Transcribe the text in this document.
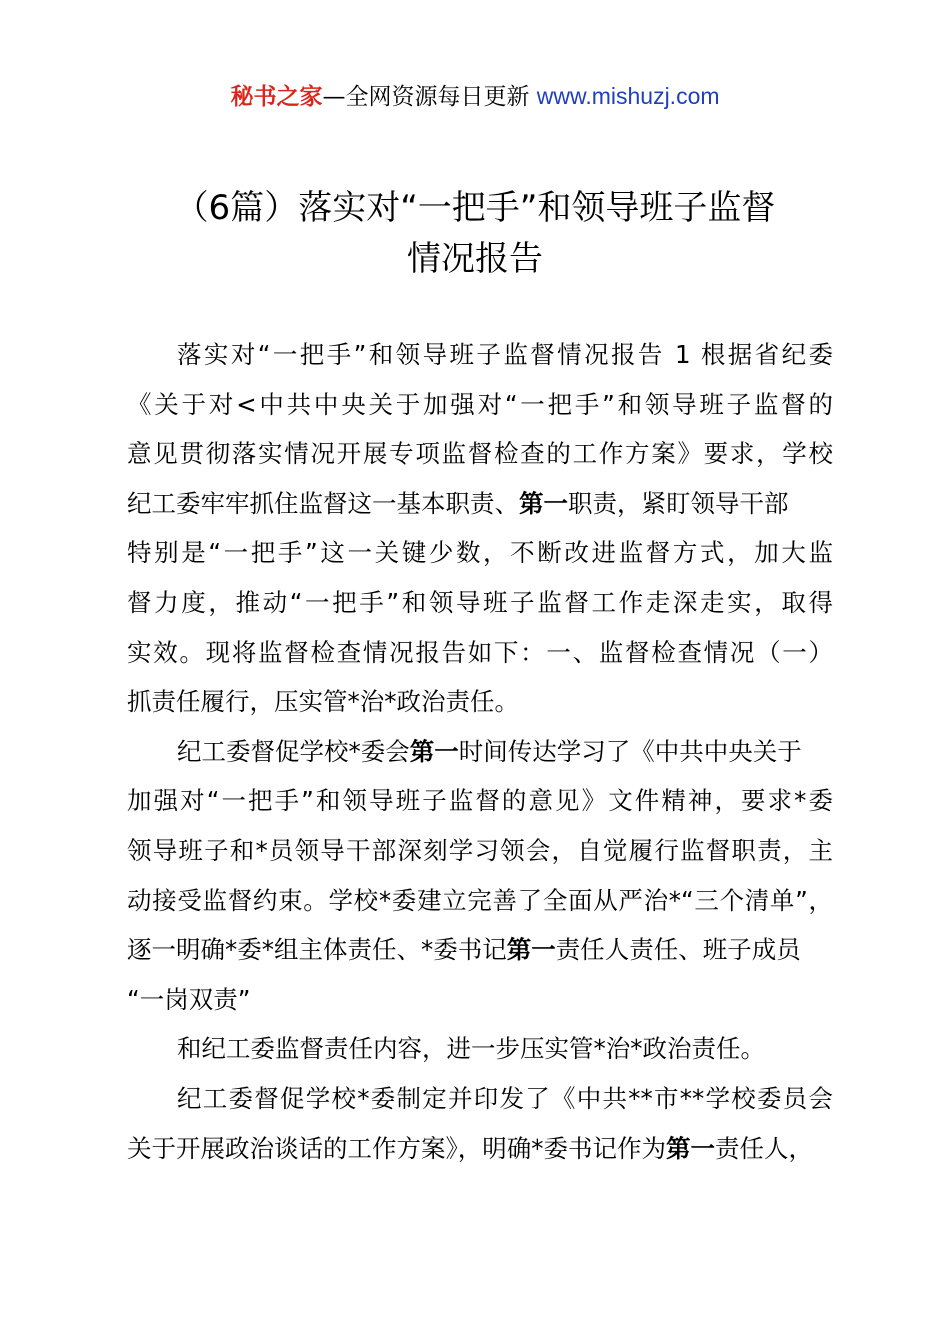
秘书之家—全网资源每日更新 www.mishuzj.com
（6篇）落实对“一把手”和领导班子监督
情况报告
落实对“一把手”和领导班子监督情况报告 1 根据省纪委
《关于对<中共中央关于加强对“一把手”和领导班子监督的
意见贯彻落实情况开展专项监督检查的工作方案》要求，学校
纪工委牢牢抓住监督这一基本职责、第一职责，紧盯领导干部
特别是“一把手”这一关键少数，不断改进监督方式，加大监
督力度，推动“一把手”和领导班子监督工作走深走实，取得
实效。现将监督检查情况报告如下：一、监督检查情况（一）
抓责任履行，压实管*治*政治责任。
纪工委督促学校*委会第一时间传达学习了《中共中央关于
加强对“一把手”和领导班子监督的意见》文件精神，要求*委
领导班子和*员领导干部深刻学习领会，自觉履行监督职责，主
动接受监督约束。学校*委建立完善了全面从严治*“三个清单”，
逐一明确*委*组主体责任、*委书记第一责任人责任、班子成员
“一岗双责”
和纪工委监督责任内容，进一步压实管*治*政治责任。
纪工委督促学校*委制定并印发了《中共**市**学校委员会
关于开展政治谈话的工作方案》，明确*委书记作为第一责任人，
